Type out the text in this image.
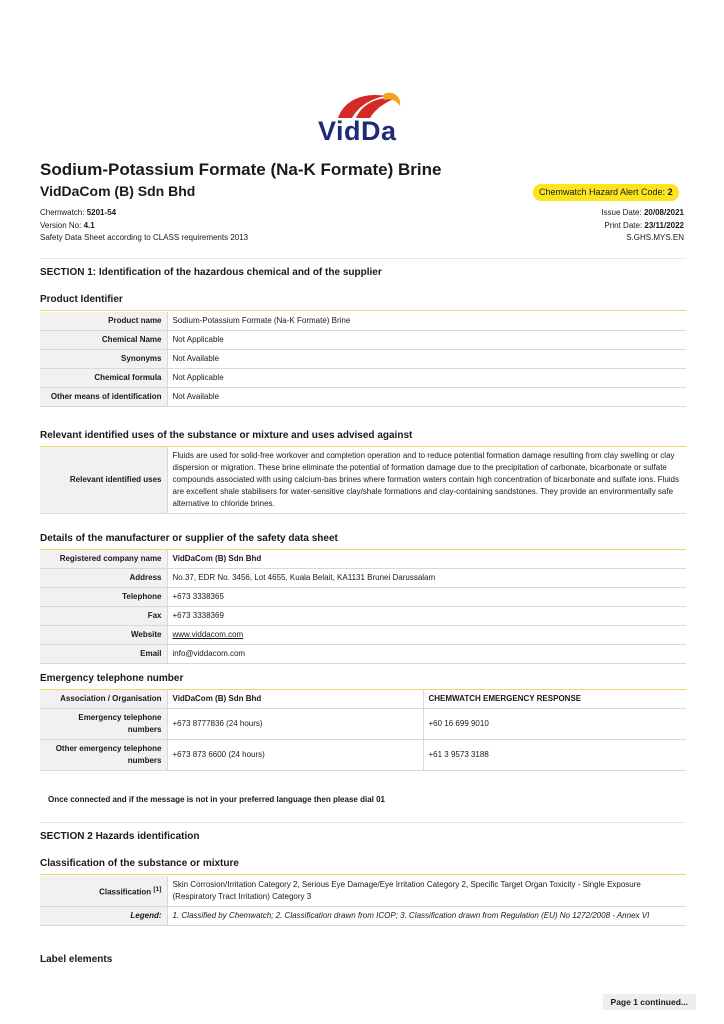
VidDa
Sodium-Potassium Formate (Na-K Formate) Brine
VidDaCom (B) Sdn Bhd	Chemwatch Hazard Alert Code: 2
Chemwatch: 5201-54
Version No: 4.1
Safety Data Sheet according to CLASS requirements 2013
Issue Date: 20/08/2021
Print Date: 23/11/2022
S.GHS.MYS.EN
SECTION 1: Identification of the hazardous chemical and of the supplier
Product Identifier
Product name	Sodium-Potassium Formate (Na-K Formate) Brine
Chemical Name	Not Applicable
Synonyms	Not Available
Chemical formula	Not Applicable
Other means of identification	Not Available
Relevant identified uses of the substance or mixture and uses advised against
Relevant identified uses	Fluids are used for solid-free workover and completion operation and to reduce potential formation damage resulting from clay swelling or clay dispersion or migration. These brine eliminate the potential of formation damage due to the precipitation of carbonate, bicarbonate or sulfate compounds associated with using calcium-bas brines where formation waters contain high concentration of bicarbonate and sulfate ions. Fluids are excellent shale stabilisers for water-sensitive clay/shale formations and clay-containing sandstones. They provide an environmentally safe alternative to chloride brines.
Details of the manufacturer or supplier of the safety data sheet
Registered company name	VidDaCom (B) Sdn Bhd
Address	No.37, EDR No. 3456, Lot 4655, Kuala Belait, KA1131 Brunei Darussalam
Telephone	+673 3338365
Fax	+673 3338369
Website	www.viddacom.com
Email	info@viddacom.com
Emergency telephone number
Association / Organisation	VidDaCom (B) Sdn Bhd	CHEMWATCH EMERGENCY RESPONSE
Emergency telephone numbers	+673 8777836 (24 hours)	+60 16 699 9010
Other emergency telephone numbers	+673 873 6600 (24 hours)	+61 3 9573 3188
Once connected and if the message is not in your preferred language then please dial 01
SECTION 2 Hazards identification
Classification of the substance or mixture
Classification [1]	Skin Corrosion/Irritation Category 2, Serious Eye Damage/Eye Irritation Category 2, Specific Target Organ Toxicity - Single Exposure (Respiratory Tract Irritation) Category 3
Legend:	1. Classified by Chemwatch; 2. Classification drawn from ICOP; 3. Classification drawn from Regulation (EU) No 1272/2008 - Annex VI
Label elements
Page 1 continued...
